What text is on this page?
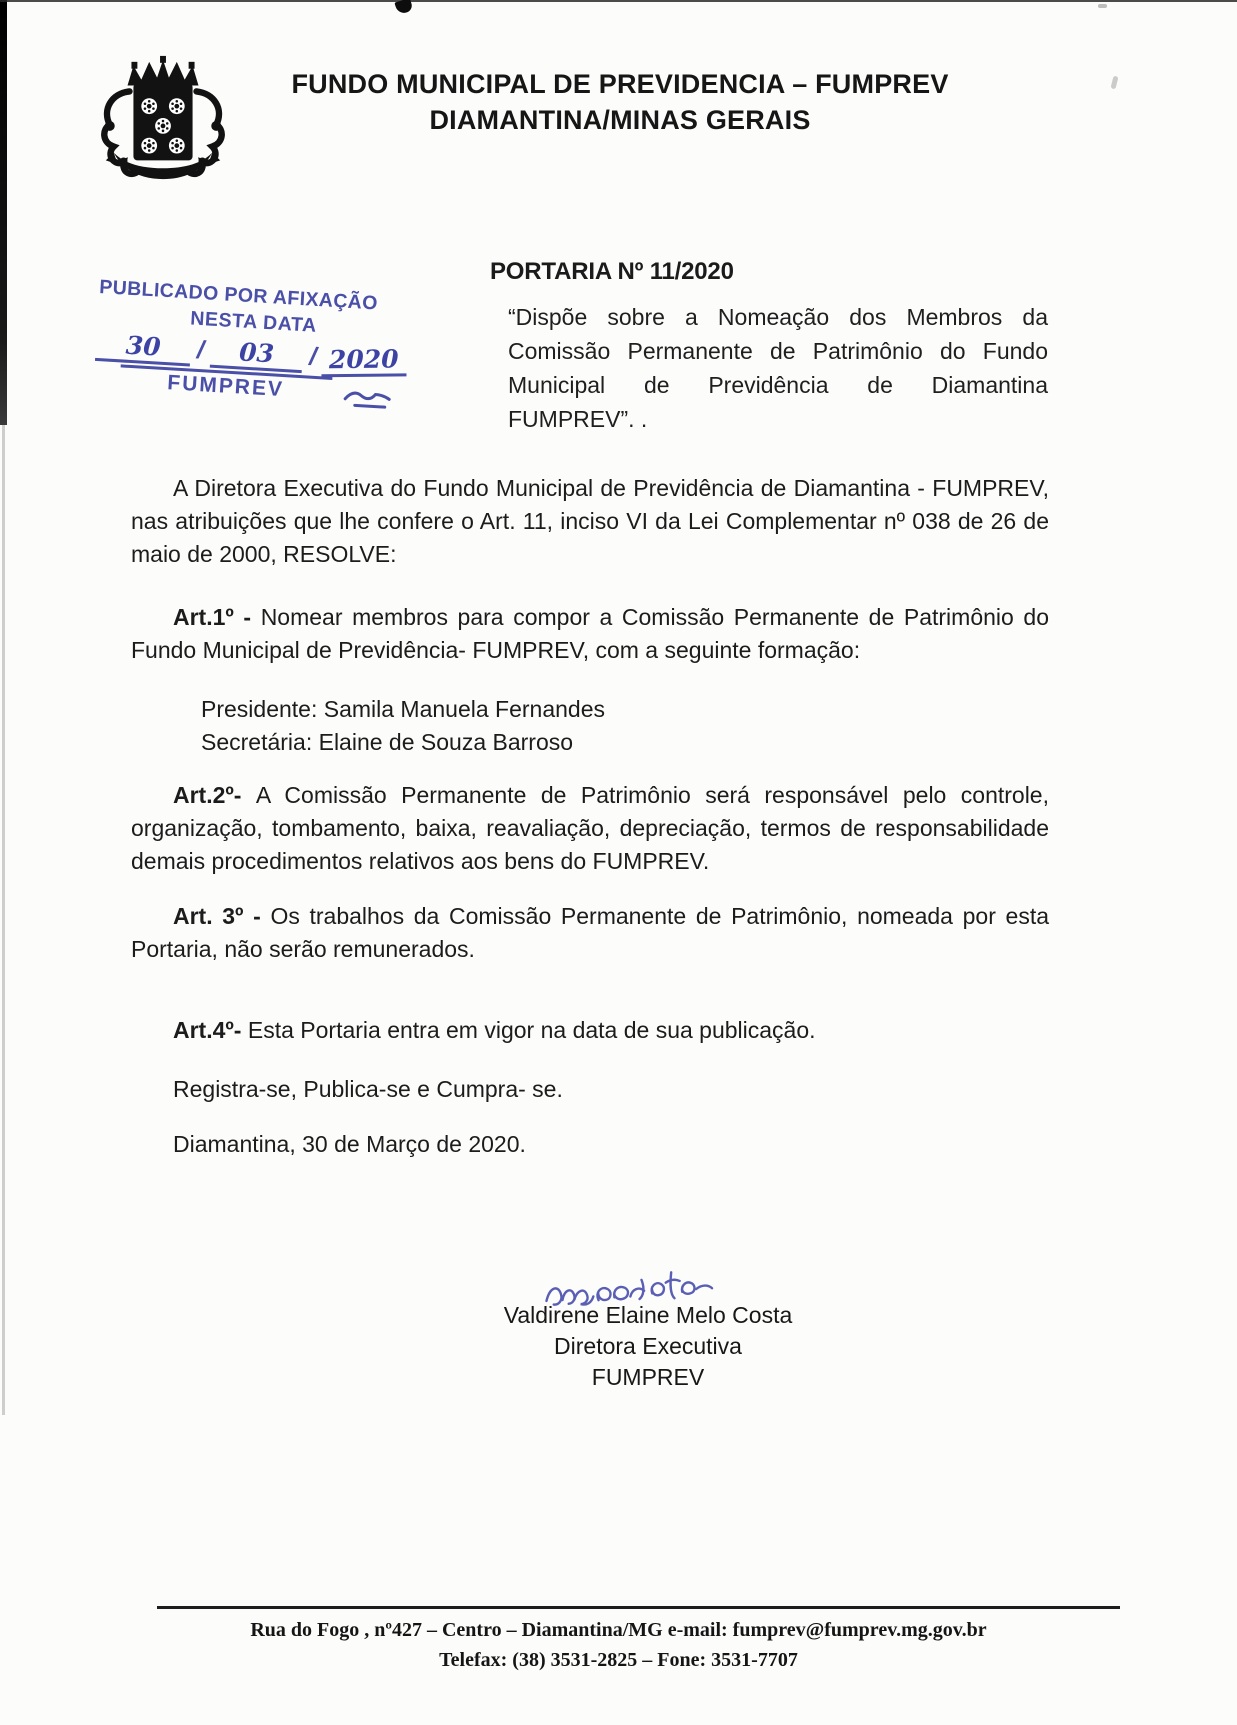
FUNDO MUNICIPAL DE PREVIDENCIA – FUMPREV
DIAMANTINA/MINAS GERAIS
PUBLICADO POR AFIXAÇÃO
NESTA DATA
30	/	03	/ 2020
FUMPREV
PORTARIA Nº 11/2020
“Dispõe sobre a Nomeação dos Membros da Comissão Permanente de Patrimônio do Fundo Municipal de Previdência de Diamantina FUMPREV”. .

A Diretora Executiva do Fundo Municipal de Previdência de Diamantina - FUMPREV, nas atribuições que lhe confere o Art. 11, inciso VI da Lei Complementar nº 038 de 26 de maio de 2000, RESOLVE:

Art.1º - Nomear membros para compor a Comissão Permanente de Patrimônio do Fundo Municipal de Previdência- FUMPREV, com a seguinte formação:

Presidente: Samila Manuela Fernandes
Secretária: Elaine de Souza Barroso

Art.2º- A Comissão Permanente de Patrimônio será responsável pelo controle, organização, tombamento, baixa, reavaliação, depreciação, termos de responsabilidade demais procedimentos relativos aos bens do FUMPREV.

Art. 3º - Os trabalhos da Comissão Permanente de Patrimônio, nomeada por esta Portaria, não serão remunerados.

Art.4º- Esta Portaria entra em vigor na data de sua publicação.

Registra-se, Publica-se e Cumpra- se.

Diamantina, 30 de Março de 2020.

Valdirene Elaine Melo Costa
Diretora Executiva
FUMPREV
Rua do Fogo , nº427 – Centro – Diamantina/MG e-mail: fumprev@fumprev.mg.gov.br
Telefax: (38) 3531-2825 – Fone: 3531-7707
